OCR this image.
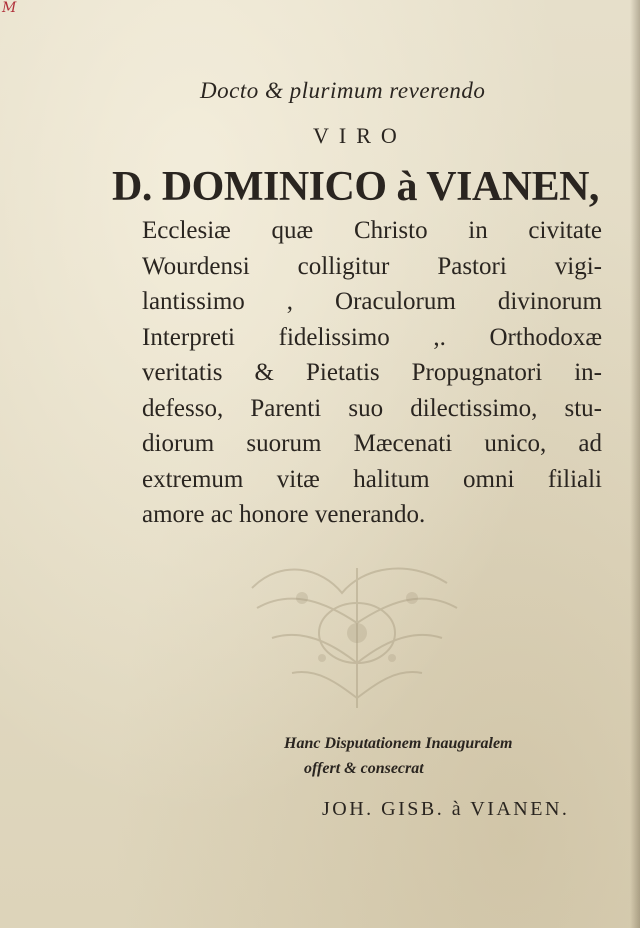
M
Docto & plurimum reverendo
VIRO
D. DOMINICO à VIANEN,
Ecclesiæ quæ Christo in civitate
Wourdensi colligitur Pastori vigi-
lantissimo , Oraculorum divinorum
Interpreti fidelissimo ,. Orthodoxæ
veritatis & Pietatis Propugnatori in-
defesso, Parenti suo dilectissimo, stu-
diorum suorum Mæcenati unico, ad
extremum vitæ halitum omni filiali
amore ac honore venerando.
Hanc Disputationem Inauguralem
offert & consecrat
JOH. GISB. à VIANEN.
